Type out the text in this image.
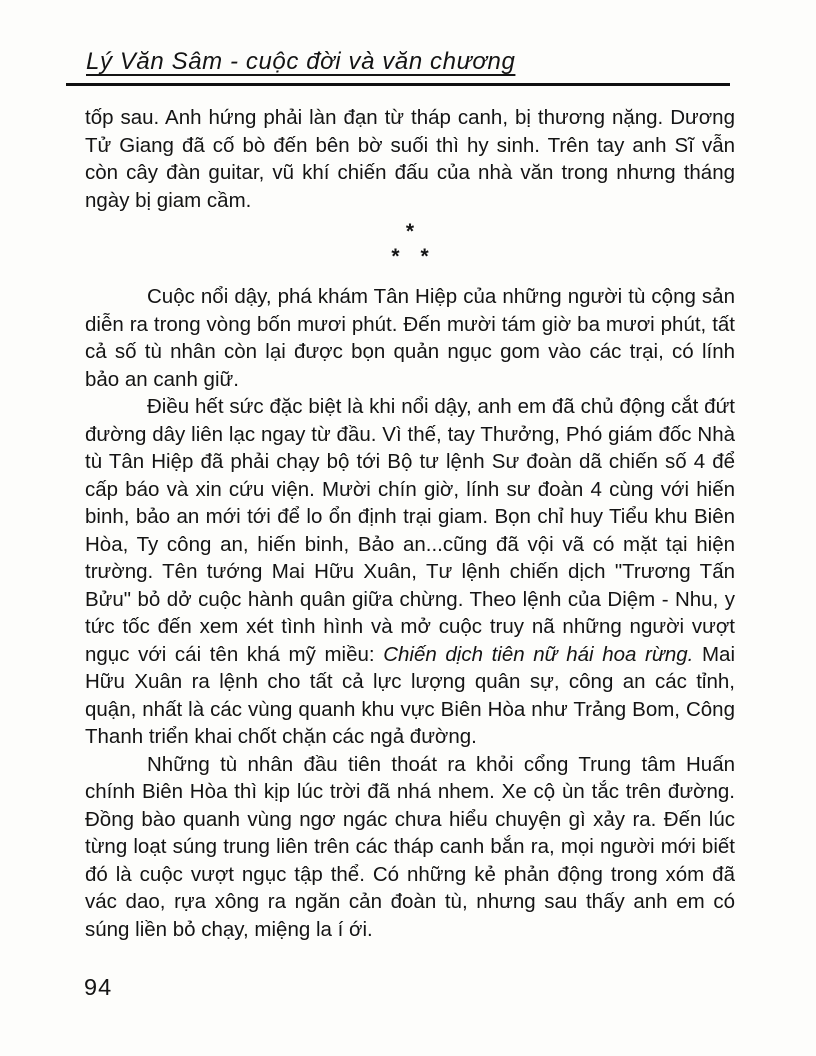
Lý Văn Sâm - cuộc đời và văn chương

tốp sau. Anh hứng phải làn đạn từ tháp canh, bị thương nặng. Dương Tử Giang đã cố bò đến bên bờ suối thì hy sinh. Trên tay anh Sĩ vẫn còn cây đàn guitar, vũ khí chiến đấu của nhà văn trong nhưng tháng ngày bị giam cầm.

*
*  *

Cuộc nổi dậy, phá khám Tân Hiệp của những người tù cộng sản diễn ra trong vòng bốn mươi phút. Đến mười tám giờ ba mươi phút, tất cả số tù nhân còn lại được bọn quản ngục gom vào các trại, có lính bảo an canh giữ.

Điều hết sức đặc biệt là khi nổi dậy, anh em đã chủ động cắt đứt đường dây liên lạc ngay từ đầu. Vì thế, tay Thưởng, Phó giám đốc Nhà tù Tân Hiệp đã phải chạy bộ tới Bộ tư lệnh Sư đoàn dã chiến số 4 để cấp báo và xin cứu viện. Mười chín giờ, lính sư đoàn 4 cùng với hiến binh, bảo an mới tới để lo ổn định trại giam. Bọn chỉ huy Tiểu khu Biên Hòa, Ty công an, hiến binh, Bảo an...cũng đã vội vã có mặt tại hiện trường. Tên tướng Mai Hữu Xuân, Tư lệnh chiến dịch "Trương Tấn Bửu" bỏ dở cuộc hành quân giữa chừng. Theo lệnh của Diệm - Nhu, y tức tốc đến xem xét tình hình và mở cuộc truy nã những người vượt ngục với cái tên khá mỹ miều: Chiến dịch tiên nữ hái hoa rừng. Mai Hữu Xuân ra lệnh cho tất cả lực lượng quân sự, công an các tỉnh, quận, nhất là các vùng quanh khu vực Biên Hòa như Trảng Bom, Công Thanh triển khai chốt chặn các ngả đường.

Những tù nhân đầu tiên thoát ra khỏi cổng Trung tâm Huấn chính Biên Hòa thì kịp lúc trời đã nhá nhem. Xe cộ ùn tắc trên đường. Đồng bào quanh vùng ngơ ngác chưa hiểu chuyện gì xảy ra. Đến lúc từng loạt súng trung liên trên các tháp canh bắn ra, mọi người mới biết đó là cuộc vượt ngục tập thể. Có những kẻ phản động trong xóm đã vác dao, rựa xông ra ngăn cản đoàn tù, nhưng sau thấy anh em có súng liền bỏ chạy, miệng la í ới.

94
